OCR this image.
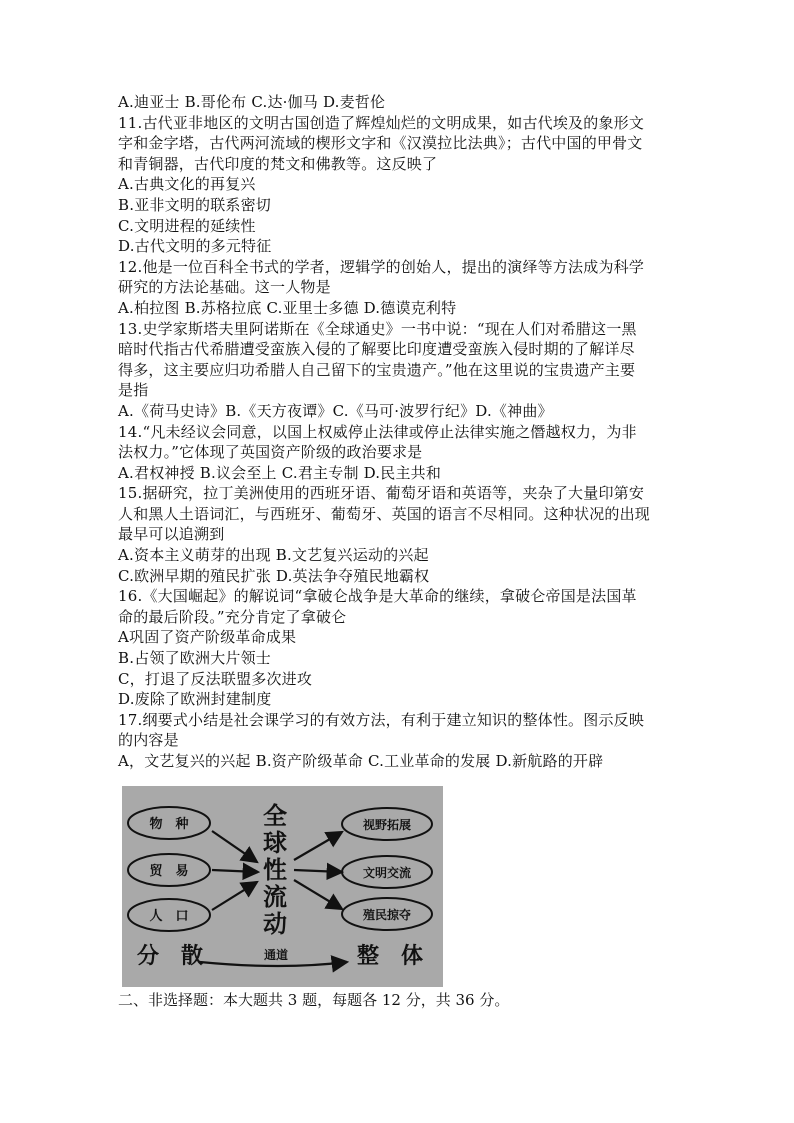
A.迪亚士 B.哥伦布 C.达·伽马 D.麦哲伦
11.古代亚非地区的文明古国创造了辉煌灿烂的文明成果，如古代埃及的象形文
字和金字塔，古代两河流域的楔形文字和《汉漠拉比法典》；古代中国的甲骨文
和青铜器，古代印度的梵文和佛教等。这反映了
A.古典文化的再复兴
B.亚非文明的联系密切
C.文明进程的延续性
D.古代文明的多元特征
12.他是一位百科全书式的学者，逻辑学的创始人，提出的演绎等方法成为科学
研究的方法论基础。这一人物是
A.柏拉图 B.苏格拉底 C.亚里士多德 D.德谟克利特
13.史学家斯塔夫里阿诺斯在《全球通史》一书中说：“现在人们对希腊这一黑
暗时代指古代希腊遭受蛮族入侵的了解要比印度遭受蛮族入侵时期的了解详尽
得多，这主要应归功希腊人自己留下的宝贵遗产。”他在这里说的宝贵遗产主要
是指
A.《荷马史诗》B.《天方夜谭》C.《马可·波罗行纪》D.《神曲》
14.“凡未经议会同意，以国上权威停止法律或停止法律实施之僭越权力，为非
法权力。”它体现了英国资产阶级的政治要求是
A.君权神授 B.议会至上 C.君主专制 D.民主共和
15.据研究，拉丁美洲使用的西班牙语、葡萄牙语和英语等，夹杂了大量印第安
人和黑人土语词汇，与西班牙、葡萄牙、英国的语言不尽相同。这种状况的出现
最早可以追溯到
A.资本主义萌芽的出现 B.文艺复兴运动的兴起
C.欧洲早期的殖民扩张 D.英法争夺殖民地霸权
16.《大国崛起》的解说词“拿破仑战争是大革命的继续，拿破仑帝国是法国革
命的最后阶段。”充分肯定了拿破仑
A巩固了资产阶级革命成果
B.占领了欧洲大片领士
C，打退了反法联盟多次进攻
D.废除了欧洲封建制度
17.纲要式小结是社会课学习的有效方法，有利于建立知识的整体性。图示反映
的内容是
A，文艺复兴的兴起 B.资产阶级革命 C.工业革命的发展 D.新航路的开辟
物　种
贸　易
人　口
全
球
性
流
动
视野拓展
文明交流
殖民掠夺
分　散	通道	整　体
二、非选择题：本大题共 3 题，每题各 12 分，共 36 分。
